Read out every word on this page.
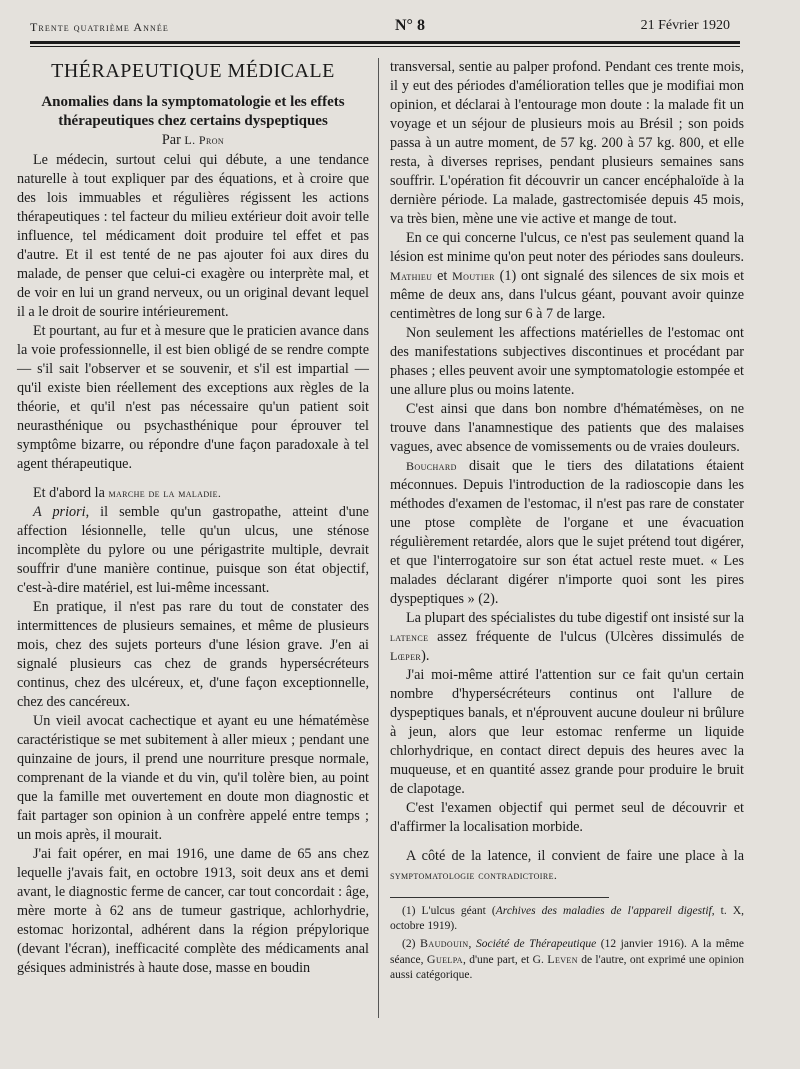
Trente quatrième Année	N° 8	21 Février 1920
THÉRAPEUTIQUE MÉDICALE
Anomalies dans la symptomatologie et les effets thérapeutiques chez certains dyspeptiques
Par L. Pron

Le médecin, surtout celui qui débute, a une tendance naturelle à tout expliquer par des équations, et à croire que des lois immuables et régulières régissent les actions thérapeutiques : tel facteur du milieu extérieur doit avoir telle influence, tel médicament doit produire tel effet et pas d'autre. Et il est tenté de ne pas ajouter foi aux dires du malade, de penser que celui-ci exagère ou interprète mal, et de voir en lui un grand nerveux, ou un original devant lequel il a le droit de sourire intérieurement.

Et pourtant, au fur et à mesure que le praticien avance dans la voie professionnelle, il est bien obligé de se rendre compte — s'il sait l'observer et se souvenir, et s'il est impartial — qu'il existe bien réellement des exceptions aux règles de la théorie, et qu'il n'est pas nécessaire qu'un patient soit neurasthénique ou psychasthénique pour éprouver tel symptôme bizarre, ou répondre d'une façon paradoxale à tel agent thérapeutique.

Et d'abord la marche de la maladie.

A priori, il semble qu'un gastropathe, atteint d'une affection lésionnelle, telle qu'un ulcus, une sténose incomplète du pylore ou une périgastrite multiple, devrait souffrir d'une manière continue, puisque son état objectif, c'est-à-dire matériel, est lui-même incessant.

En pratique, il n'est pas rare du tout de constater des intermittences de plusieurs semaines, et même de plusieurs mois, chez des sujets porteurs d'une lésion grave. J'en ai signalé plusieurs cas chez de grands hypersécréteurs continus, chez des ulcéreux, et, d'une façon exceptionnelle, chez des cancéreux.

Un vieil avocat cachectique et ayant eu une hématémèse caractéristique se met subitement à aller mieux ; pendant une quinzaine de jours, il prend une nourriture presque normale, comprenant de la viande et du vin, qu'il tolère bien, au point que la famille met ouvertement en doute mon diagnostic et fait partager son opinion à un confrère appelé entre temps ; un mois après, il mourait.

J'ai fait opérer, en mai 1916, une dame de 65 ans chez lequelle j'avais fait, en octobre 1913, soit deux ans et demi avant, le diagnostic ferme de cancer, car tout concordait : âge, mère morte à 62 ans de tumeur gastrique, achlorhydrie, estomac horizontal, adhérent dans la région prépylorique (devant l'écran), inefficacité complète des médicaments anal gésiques administrés à haute dose, masse en boudin

transversal, sentie au palper profond. Pendant ces trente mois, il y eut des périodes d'amélioration telles que je modifiai mon opinion, et déclarai à l'entourage mon doute : la malade fit un voyage et un séjour de plusieurs mois au Brésil ; son poids passa à un autre moment, de 57 kg. 200 à 57 kg. 800, et elle resta, à diverses reprises, pendant plusieurs semaines sans souffrir. L'opération fit découvrir un cancer encéphaloïde à la dernière période. La malade, gastrectomisée depuis 45 mois, va très bien, mène une vie active et mange de tout.

En ce qui concerne l'ulcus, ce n'est pas seulement quand la lésion est minime qu'on peut noter des périodes sans douleurs. Mathieu et Moutier (1) ont signalé des silences de six mois et même de deux ans, dans l'ulcus géant, pouvant avoir quinze centimètres de long sur 6 à 7 de large.

Non seulement les affections matérielles de l'estomac ont des manifestations subjectives discontinues et procédant par phases ; elles peuvent avoir une symptomatologie estompée et une allure plus ou moins latente.

C'est ainsi que dans bon nombre d'hématémèses, on ne trouve dans l'anamnestique des patients que des malaises vagues, avec absence de vomissements ou de vraies douleurs.

Bouchard disait que le tiers des dilatations étaient méconnues. Depuis l'introduction de la radioscopie dans les méthodes d'examen de l'estomac, il n'est pas rare de constater une ptose complète de l'organe et une évacuation régulièrement retardée, alors que le sujet prétend tout digérer, et que l'interrogatoire sur son état actuel reste muet. « Les malades déclarant digérer n'importe quoi sont les pires dyspeptiques » (2).

La plupart des spécialistes du tube digestif ont insisté sur la latence assez fréquente de l'ulcus (Ulcères dissimulés de Lœper).

J'ai moi-même attiré l'attention sur ce fait qu'un certain nombre d'hypersécréteurs continus ont l'allure de dyspeptiques banals, et n'éprouvent aucune douleur ni brûlure à jeun, alors que leur estomac renferme un liquide chlorhydrique, en contact direct depuis des heures avec la muqueuse, et en quantité assez grande pour produire le bruit de clapotage.

C'est l'examen objectif qui permet seul de découvrir et d'affirmer la localisation morbide.

A côté de la latence, il convient de faire une place à la symptomatologie contradictoire.

(1) L'ulcus géant (Archives des maladies de l'appareil digestif, t. X, octobre 1919).

(2) Baudouin, Société de Thérapeutique (12 janvier 1916). A la même séance, Guelpa, d'une part, et G. Leven de l'autre, ont exprimé une opinion aussi catégorique.
